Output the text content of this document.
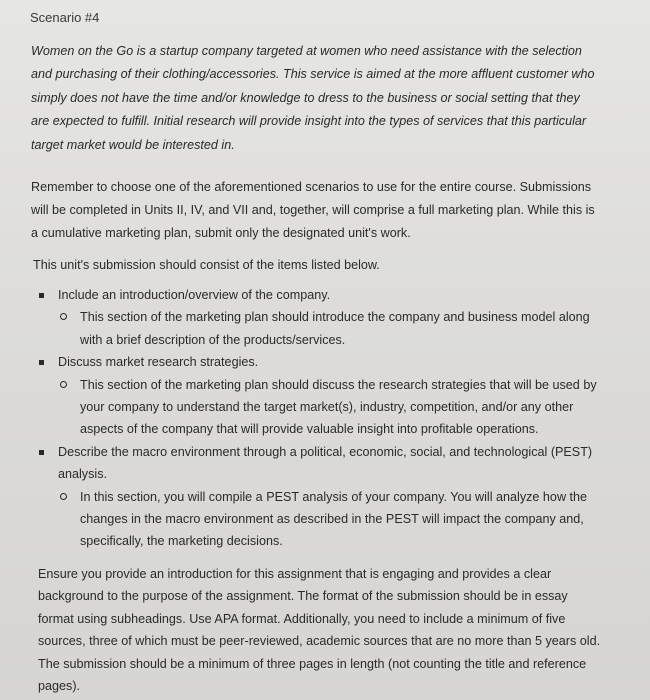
Scenario #4
Women on the Go is a startup company targeted at women who need assistance with the selection
and purchasing of their clothing/accessories. This service is aimed at the more affluent customer who
simply does not have the time and/or knowledge to dress to the business or social setting that they
are expected to fulfill. Initial research will provide insight into the types of services that this particular
target market would be interested in.
Remember to choose one of the aforementioned scenarios to use for the entire course. Submissions
will be completed in Units II, IV, and VII and, together, will comprise a full marketing plan. While this is
a cumulative marketing plan, submit only the designated unit's work.
This unit's submission should consist of the items listed below.
Include an introduction/overview of the company.
This section of the marketing plan should introduce the company and business model along
with a brief description of the products/services.
Discuss market research strategies.
This section of the marketing plan should discuss the research strategies that will be used by
your company to understand the target market(s), industry, competition, and/or any other
aspects of the company that will provide valuable insight into profitable operations.
Describe the macro environment through a political, economic, social, and technological (PEST)
analysis.
In this section, you will compile a PEST analysis of your company. You will analyze how the
changes in the macro environment as described in the PEST will impact the company and,
specifically, the marketing decisions.
Ensure you provide an introduction for this assignment that is engaging and provides a clear
background to the purpose of the assignment. The format of the submission should be in essay
format using subheadings. Use APA format. Additionally, you need to include a minimum of five
sources, three of which must be peer-reviewed, academic sources that are no more than 5 years old.
The submission should be a minimum of three pages in length (not counting the title and reference
pages).
